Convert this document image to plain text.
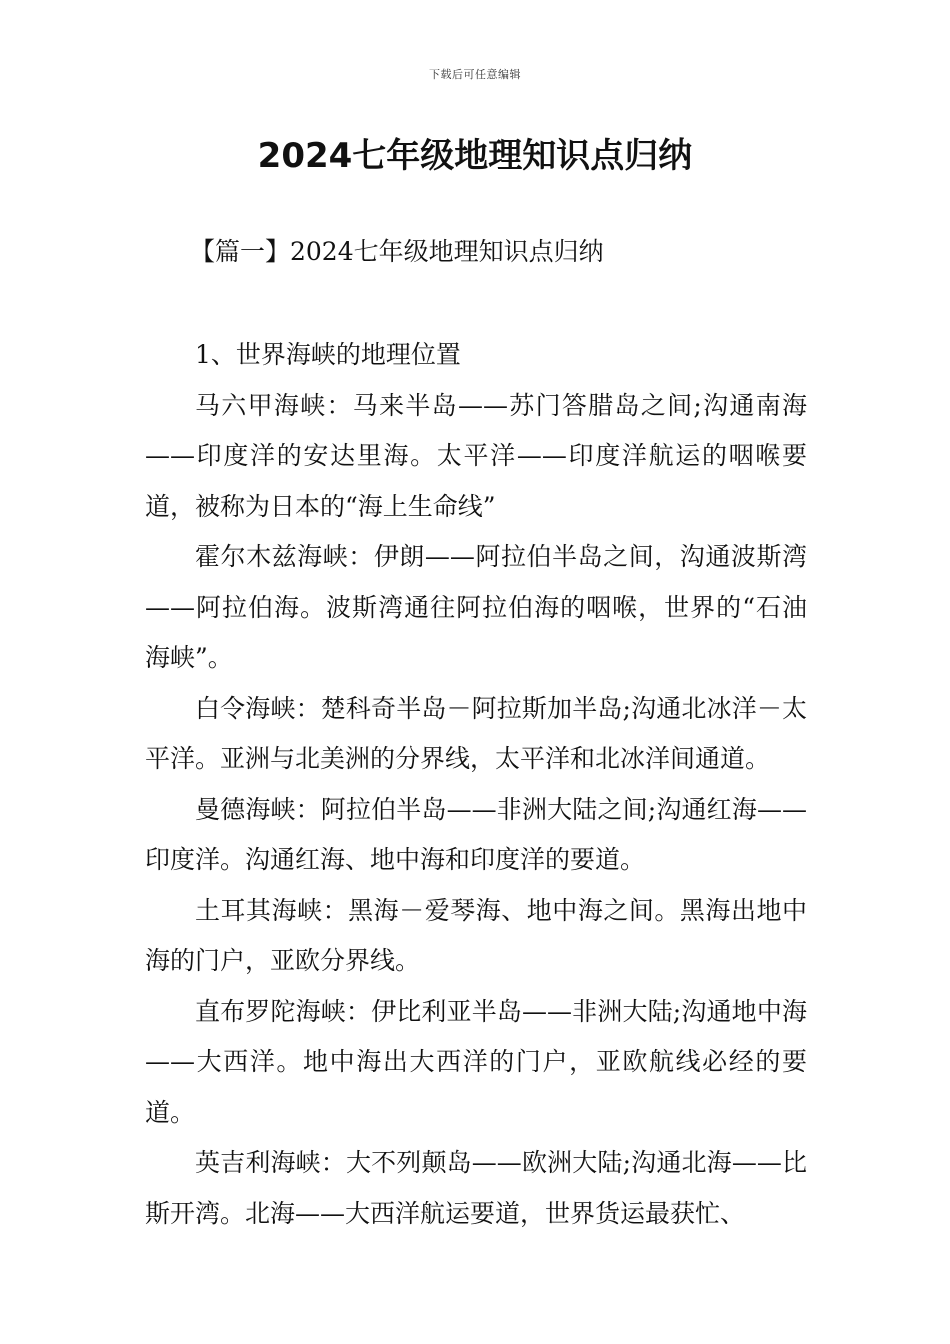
下载后可任意编辑
2024七年级地理知识点归纳
【篇一】2024七年级地理知识点归纳

1、世界海峡的地理位置

马六甲海峡：马来半岛——苏门答腊岛之间;沟通南海——印度洋的安达里海。太平洋——印度洋航运的咽喉要道，被称为日本的“海上生命线”

霍尔木兹海峡：伊朗——阿拉伯半岛之间，沟通波斯湾——阿拉伯海。波斯湾通往阿拉伯海的咽喉，世界的“石油海峡”。

白令海峡：楚科奇半岛－阿拉斯加半岛;沟通北冰洋－太平洋。亚洲与北美洲的分界线，太平洋和北冰洋间通道。

曼德海峡：阿拉伯半岛——非洲大陆之间;沟通红海——印度洋。沟通红海、地中海和印度洋的要道。

土耳其海峡：黑海－爱琴海、地中海之间。黑海出地中海的门户，亚欧分界线。

直布罗陀海峡：伊比利亚半岛——非洲大陆;沟通地中海——大西洋。地中海出大西洋的门户，亚欧航线必经的要道。

英吉利海峡：大不列颠岛——欧洲大陆;沟通北海——比斯开湾。北海——大西洋航运要道，世界货运最获忙、
